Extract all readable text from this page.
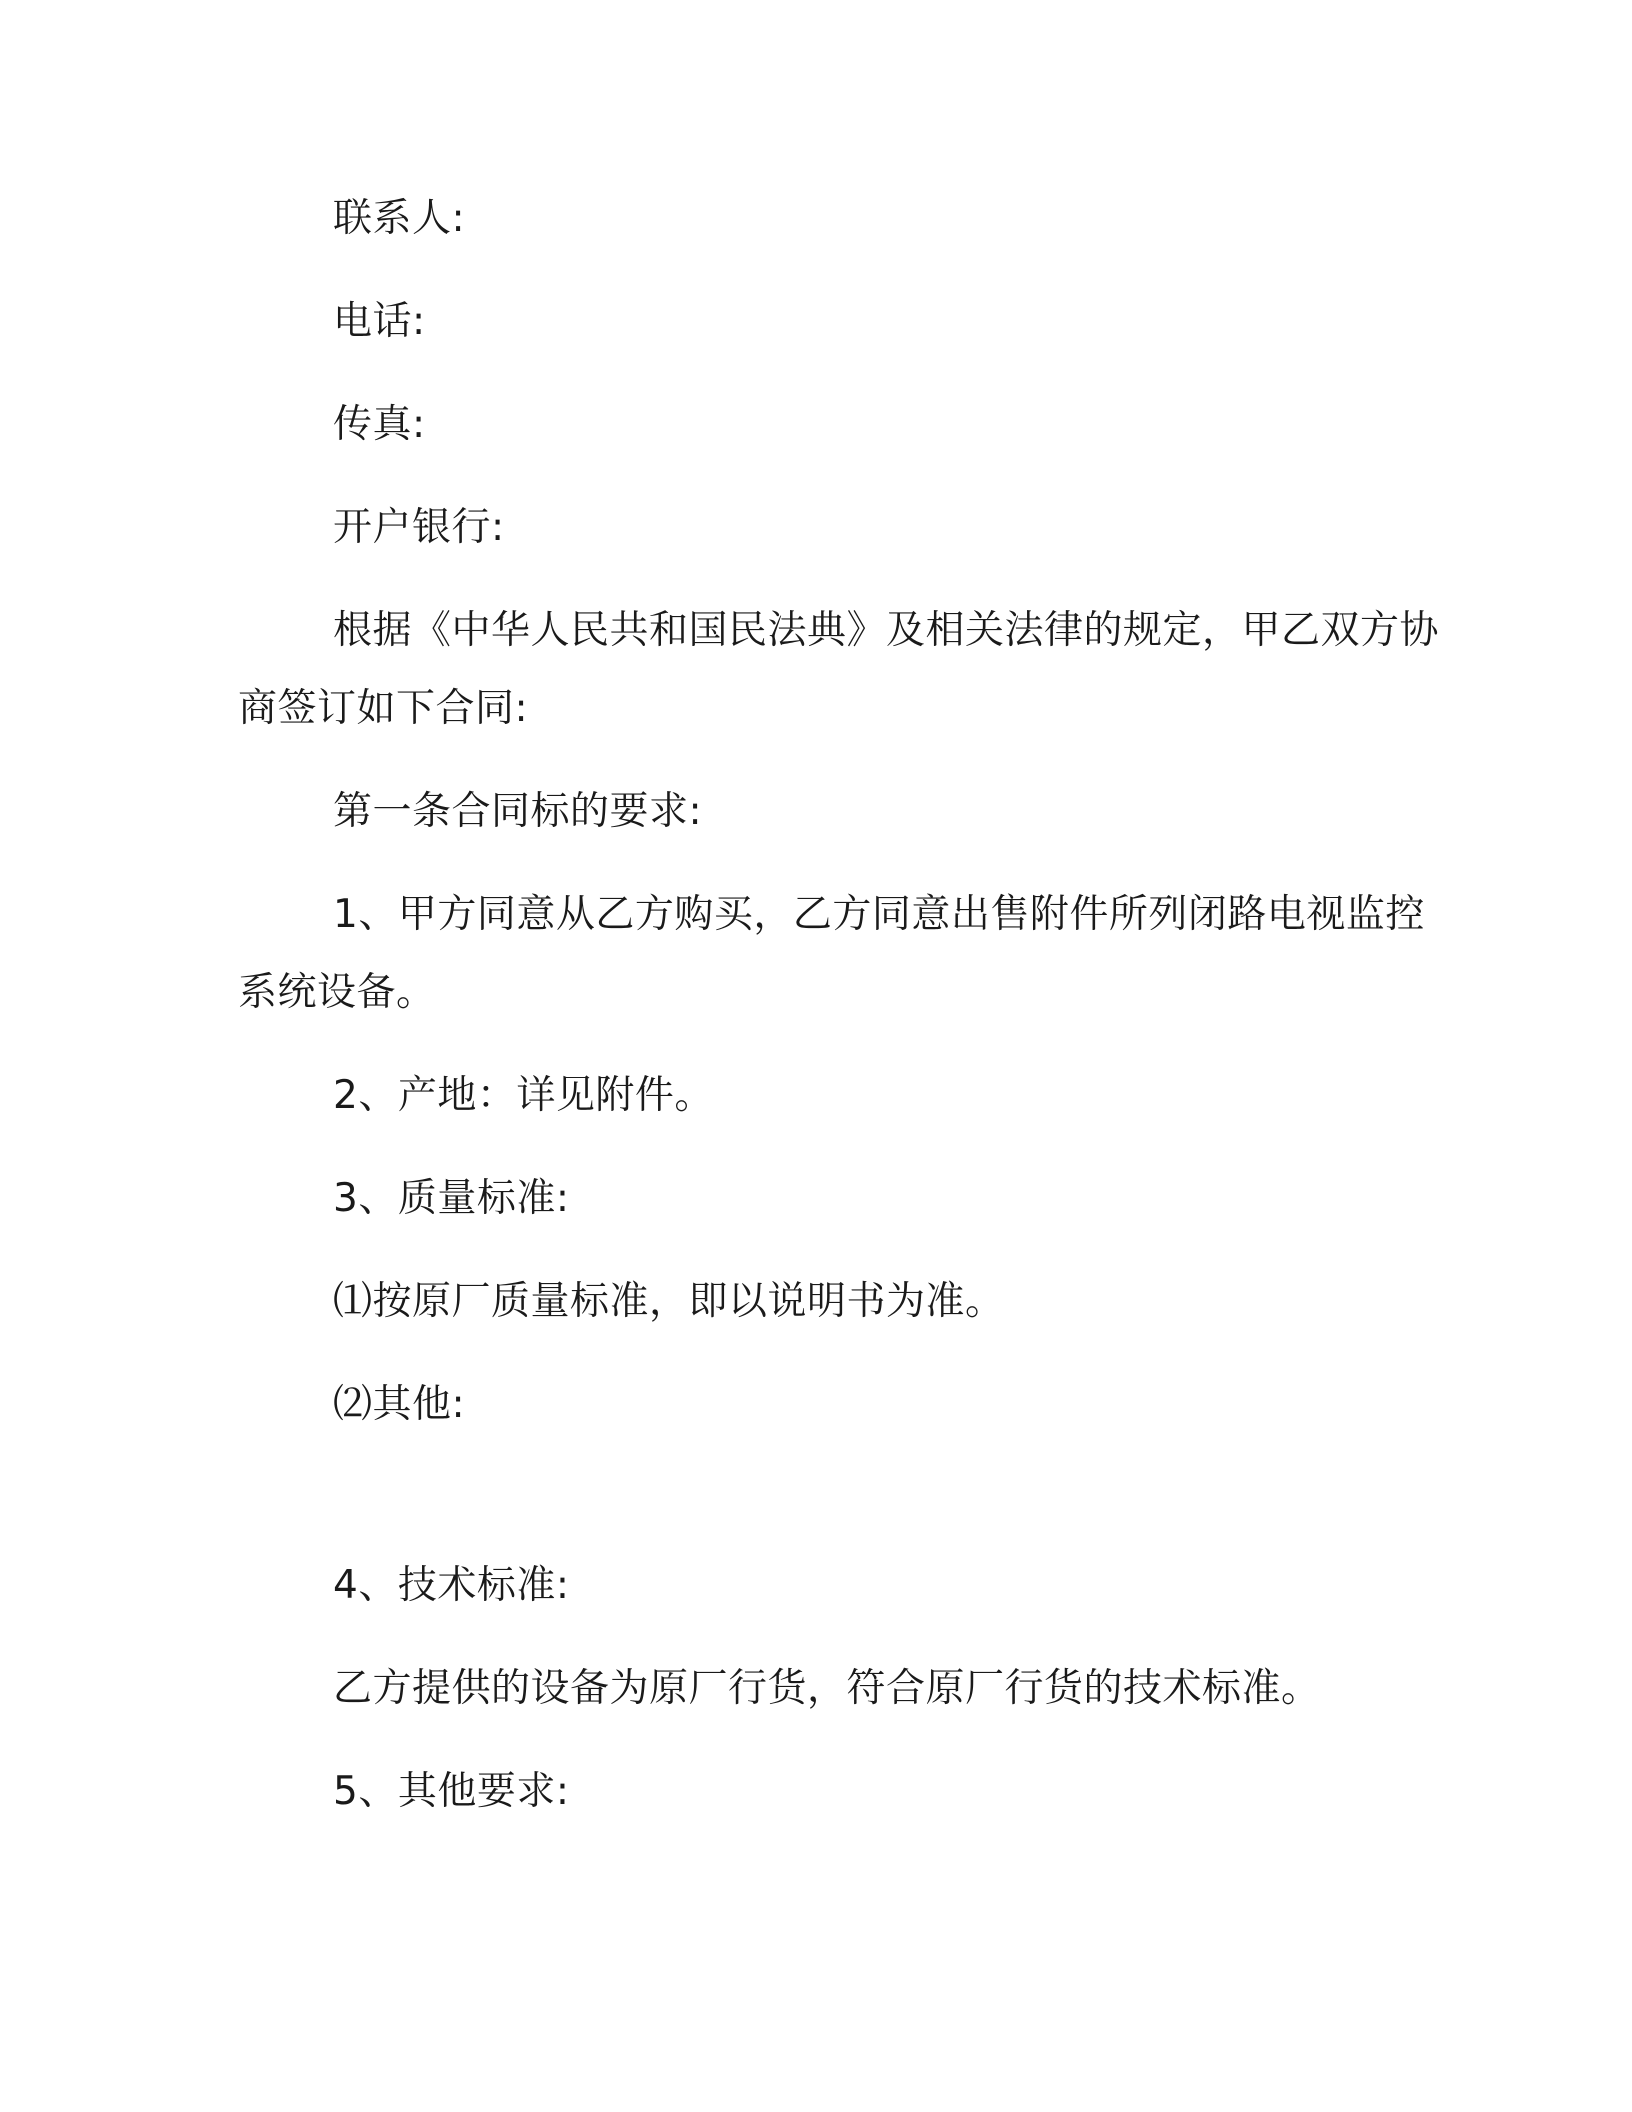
联系人:
电话:
传真:
开户银行:
根据《中华人民共和国民法典》及相关法律的规定，甲乙双方协
商签订如下合同:
第一条合同标的要求:
1、甲方同意从乙方购买，乙方同意出售附件所列闭路电视监控
系统设备。
2、产地：详见附件。
3、质量标准:
⑴按原厂质量标准，即以说明书为准。
⑵其他:
4、技术标准:
乙方提供的设备为原厂行货，符合原厂行货的技术标准。
5、其他要求:
